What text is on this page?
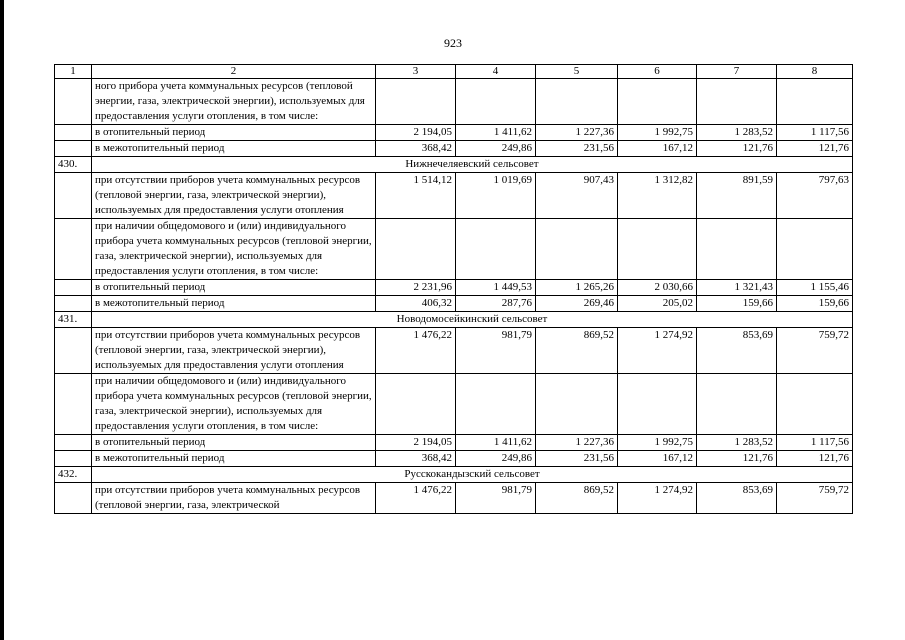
923
1	2	3	4	5	6	7	8
	ного прибора учета коммунальных ресурсов (тепловой энергии, газа, электрической энергии), используемых для предоставления услуги отопления, в том числе:						
	в отопительный период	2 194,05	1 411,62	1 227,36	1 992,75	1 283,52	1 117,56
	в межотопительный период	368,42	249,86	231,56	167,12	121,76	121,76
430.	Нижнечеляевский сельсовет						
	при отсутствии приборов учета коммунальных ресурсов (тепловой энергии, газа, электрической энергии), используемых для предоставления услуги отопления	1 514,12	1 019,69	907,43	1 312,82	891,59	797,63
	при наличии общедомового и (или) индивидуального прибора учета коммунальных ресурсов (тепловой энергии, газа, электрической энергии), используемых для предоставления услуги отопления, в том числе:						
	в отопительный период	2 231,96	1 449,53	1 265,26	2 030,66	1 321,43	1 155,46
	в межотопительный период	406,32	287,76	269,46	205,02	159,66	159,66
431.	Новодомосейкинский сельсовет						
	при отсутствии приборов учета коммунальных ресурсов (тепловой энергии, газа, электрической энергии), используемых для предоставления услуги отопления	1 476,22	981,79	869,52	1 274,92	853,69	759,72
	при наличии общедомового и (или) индивидуального прибора учета коммунальных ресурсов (тепловой энергии, газа, электрической энергии), используемых для предоставления услуги отопления, в том числе:						
	в отопительный период	2 194,05	1 411,62	1 227,36	1 992,75	1 283,52	1 117,56
	в межотопительный период	368,42	249,86	231,56	167,12	121,76	121,76
432.	Русскокандызский сельсовет						
	при отсутствии приборов учета коммунальных ресурсов (тепловой энергии, газа, электрической	1 476,22	981,79	869,52	1 274,92	853,69	759,72
